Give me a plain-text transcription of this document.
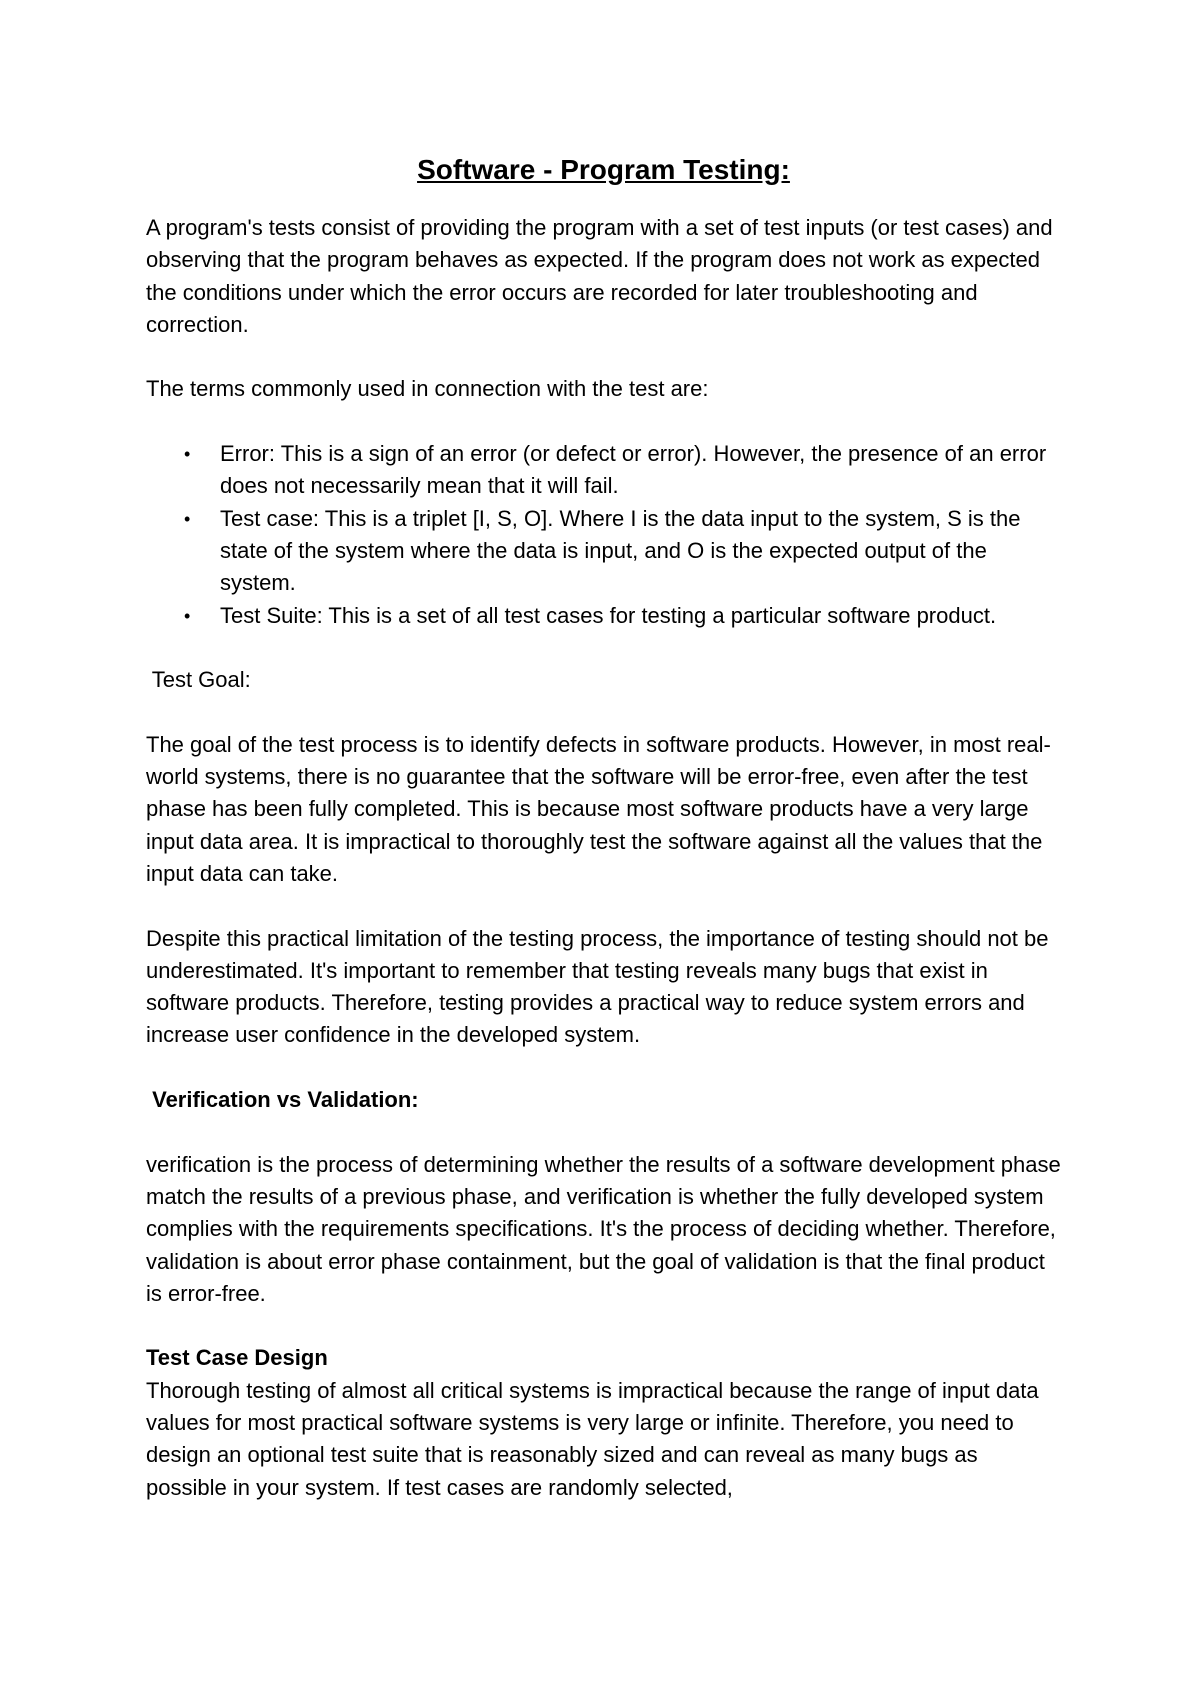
Software - Program Testing:

A program's tests consist of providing the program with a set of test inputs (or test cases) and observing that the program behaves as expected. If the program does not work as expected the conditions under which the error occurs are recorded for later troubleshooting and correction.

The terms commonly used in connection with the test are:

• Error: This is a sign of an error (or defect or error). However, the presence of an error does not necessarily mean that it will fail.
• Test case: This is a triplet [I, S, O]. Where I is the data input to the system, S is the state of the system where the data is input, and O is the expected output of the system.
• Test Suite: This is a set of all test cases for testing a particular software product.

Test Goal:

The goal of the test process is to identify defects in software products. However, in most real-world systems, there is no guarantee that the software will be error-free, even after the test phase has been fully completed. This is because most software products have a very large input data area. It is impractical to thoroughly test the software against all the values that the input data can take.

Despite this practical limitation of the testing process, the importance of testing should not be underestimated. It's important to remember that testing reveals many bugs that exist in software products. Therefore, testing provides a practical way to reduce system errors and increase user confidence in the developed system.

Verification vs Validation:

verification is the process of determining whether the results of a software development phase match the results of a previous phase, and verification is whether the fully developed system complies with the requirements specifications. It's the process of deciding whether. Therefore, validation is about error phase containment, but the goal of validation is that the final product is error-free.

Test Case Design

Thorough testing of almost all critical systems is impractical because the range of input data values for most practical software systems is very large or infinite. Therefore, you need to design an optional test suite that is reasonably sized and can reveal as many bugs as possible in your system. If test cases are randomly selected,
